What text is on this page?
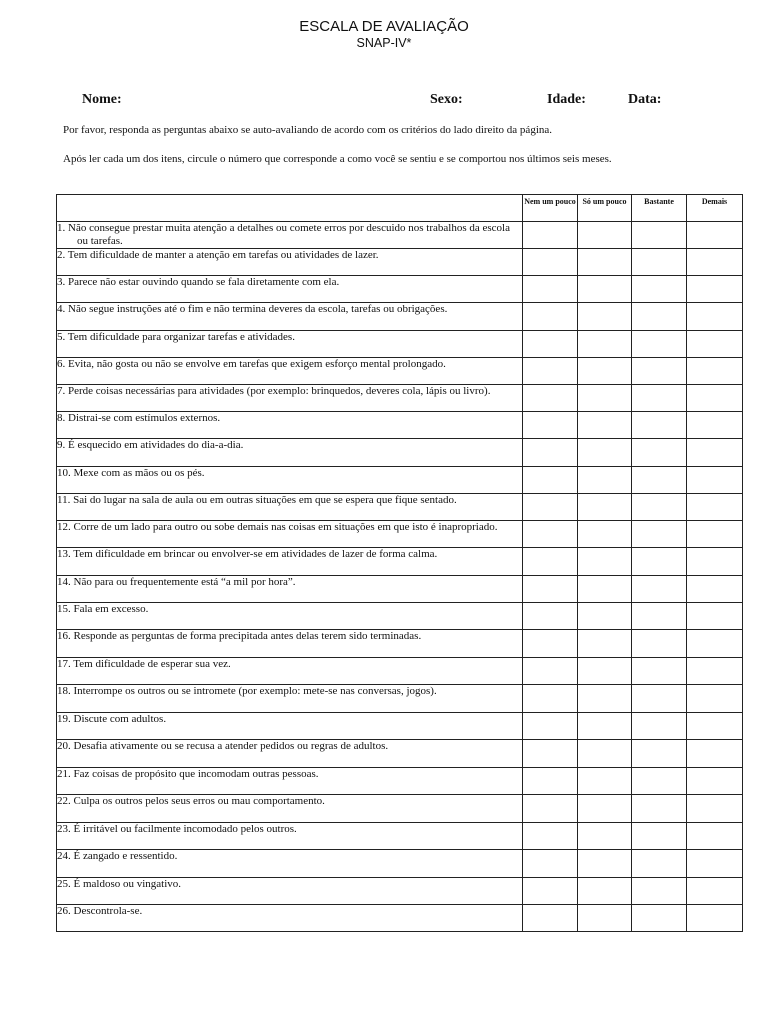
ESCALA DE AVALIAÇÃO
SNAP-IV*
Nome:	Sexo:	Idade:	Data:
Por favor, responda as perguntas abaixo se auto-avaliando de acordo com os critérios do lado direito da página.
Após ler cada um dos itens, circule o número que corresponde a como você se sentiu e se comportou nos últimos seis meses.
	Nem um pouco	Só um pouco	Bastante	Demais

1. Não consegue prestar muita atenção a detalhes ou comete erros por descuido nos trabalhos da escola ou tarefas.				

2. Tem dificuldade de manter a atenção em tarefas ou atividades de lazer.				

3. Parece não estar ouvindo quando se fala diretamente com ela.				

4. Não segue instruções até o fim e não termina deveres da escola, tarefas ou obrigações.				

5. Tem dificuldade para organizar tarefas e atividades.				

6. Evita, não gosta ou não se envolve em tarefas que exigem esforço mental prolongado.				

7. Perde coisas necessárias para atividades (por exemplo: brinquedos, deveres cola, lápis ou livro).				

8. Distrai-se com estímulos externos.				

9. É esquecido em atividades do dia-a-dia.				

10. Mexe com as mãos ou os pés.				

11. Sai do lugar na sala de aula ou em outras situações em que se espera que fique sentado.				

12. Corre de um lado para outro ou sobe demais nas coisas em situações em que isto é inapropriado.				

13. Tem dificuldade em brincar ou envolver-se em atividades de lazer de forma calma.				

14. Não para ou frequentemente está “a mil por hora”.				

15. Fala em excesso.				

16. Responde as perguntas de forma precipitada antes delas terem sido terminadas.				

17. Tem dificuldade de esperar sua vez.				

18. Interrompe os outros ou se intromete (por exemplo: mete-se nas conversas, jogos).				

19. Discute com adultos.				

20. Desafia ativamente ou se recusa a atender pedidos ou regras de adultos.				

21. Faz coisas de propósito que incomodam outras pessoas.				

22. Culpa os outros pelos seus erros ou mau comportamento.				

23. É irritável ou facilmente incomodado pelos outros.				

24. É zangado e ressentido.				

25. É maldoso ou vingativo.				

26. Descontrola-se.				
